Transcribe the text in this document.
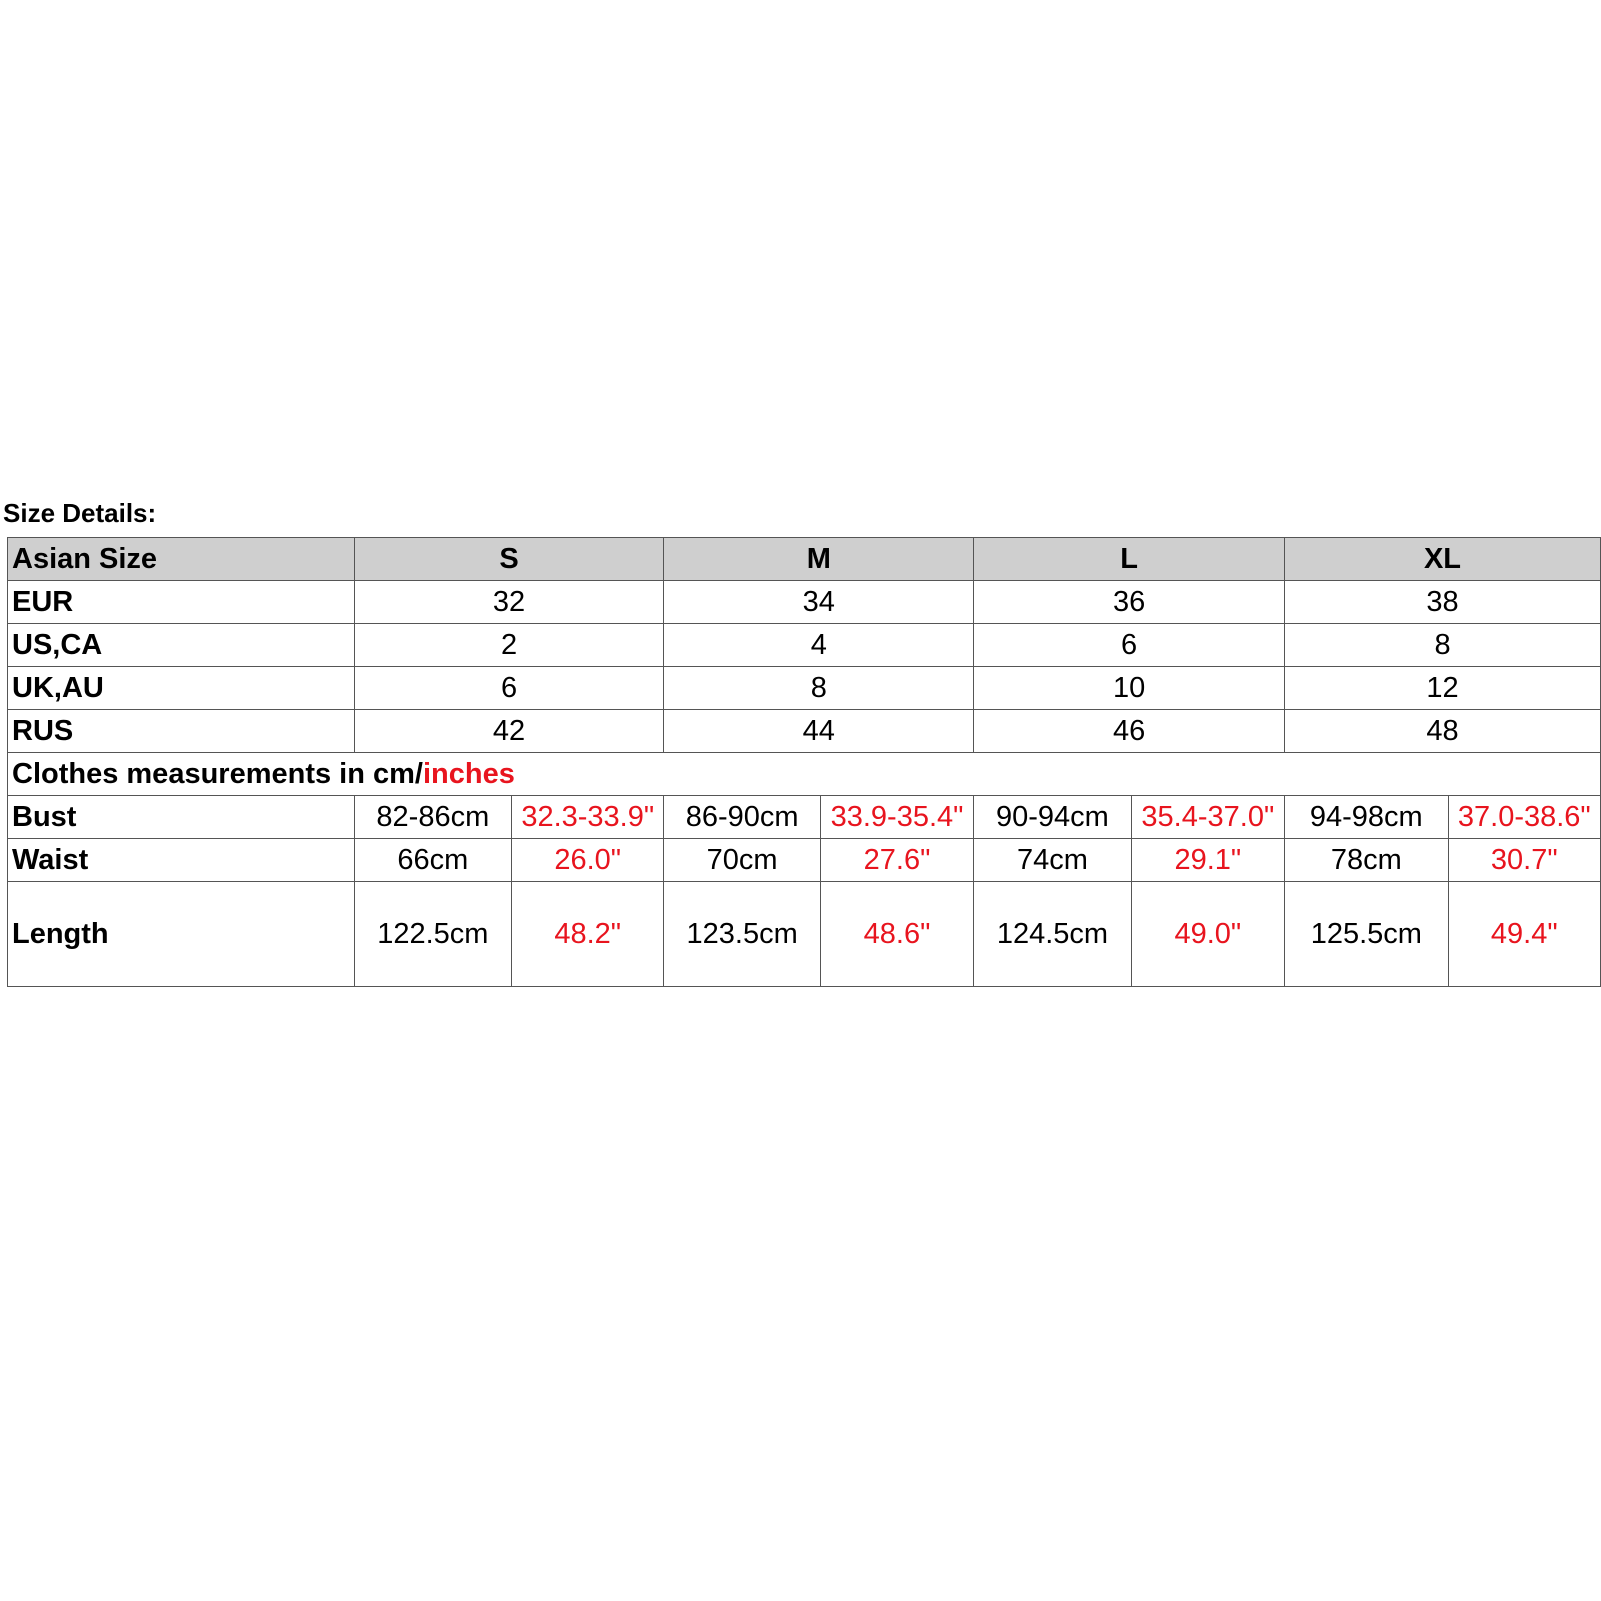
Size Details:
Asian Size	S		M		L		XL	
EUR	32		34		36		38	
US,CA	2		4		6		8	
UK,AU	6		8		10		12	
RUS	42		44		46		48	
Clothes measurements in cm/inches								
Bust	82-86cm	32.3-33.9"	86-90cm	33.9-35.4"	90-94cm	35.4-37.0"	94-98cm	37.0-38.6"
Waist	66cm	26.0"	70cm	27.6"	74cm	29.1"	78cm	30.7"
Length	122.5cm	48.2"	123.5cm	48.6"	124.5cm	49.0"	125.5cm	49.4"
